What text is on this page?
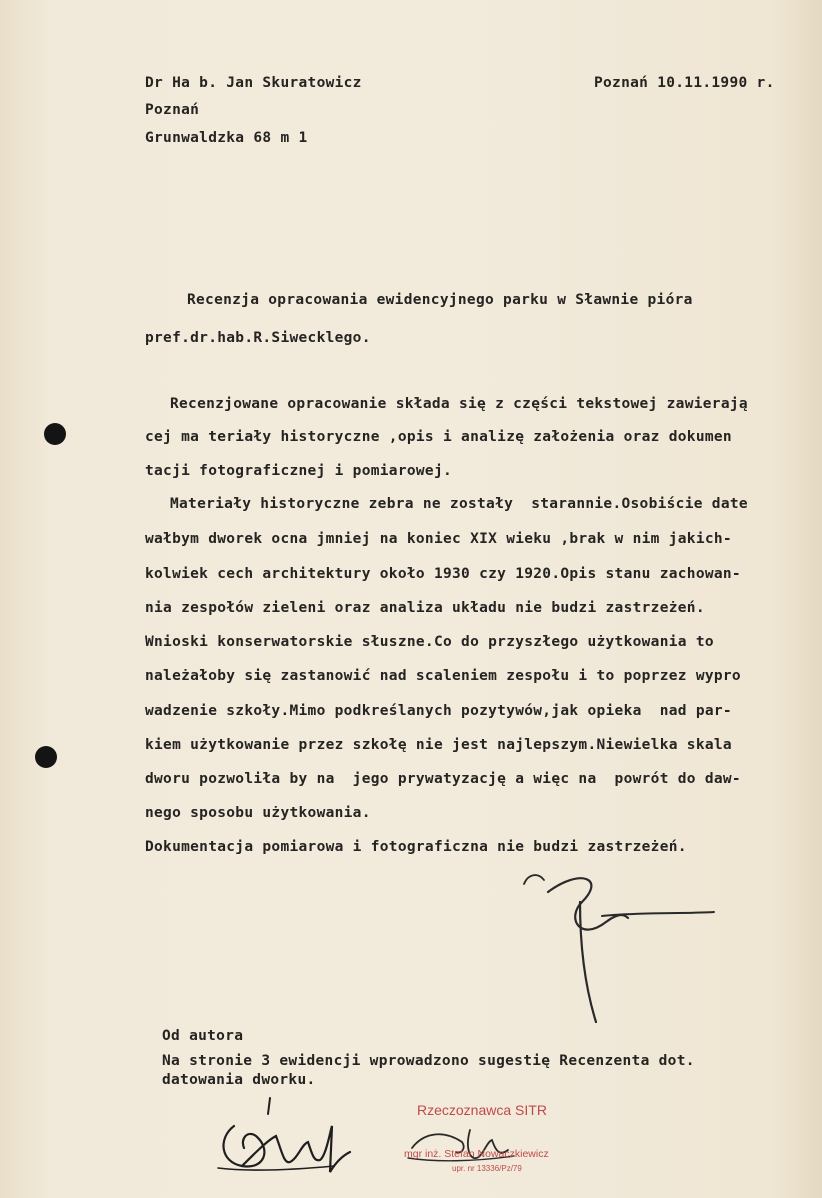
Dr Ha b. Jan Skuratowicz
Poznań
Grunwaldzka 68 m 1
Poznań 10.11.1990 r.
Recenzja opracowania ewidencyjnego parku w Sławnie pióra
pref.dr.hab.R.Siwecklego.
Recenzjowane opracowanie składa się z części tekstowej zawierają
cej ma teriały historyczne ,opis i analizę założenia oraz dokumen
tacji fotograficznej i pomiarowej.
Materiały historyczne zebra ne zostały  starannie.Osobiście date
wałbym dworek ocna jmniej na koniec XIX wieku ,brak w nim jakich-
kolwiek cech architektury około 1930 czy 1920.Opis stanu zachowan-
nia zespołów zieleni oraz analiza układu nie budzi zastrzeżeń.
Wnioski konserwatorskie słuszne.Co do przyszłego użytkowania to
należałoby się zastanowić nad scaleniem zespołu i to poprzez wypro
wadzenie szkoły.Mimo podkreślanych pozytywów,jak opieka  nad par-
kiem użytkowanie przez szkołę nie jest najlepszym.Niewielka skala
dworu pozwoliła by na  jego prywatyzację a więc na  powrót do daw-
nego sposobu użytkowania.
Dokumentacja pomiarowa i fotograficzna nie budzi zastrzeżeń.
Od autora
Na stronie 3 ewidencji wprowadzono sugestię Recenzenta dot.
datowania dworku.
Rzeczoznawca SITR
mgr inż. Stefan Nowaczkiewicz
upr. nr 13336/Pz/79
